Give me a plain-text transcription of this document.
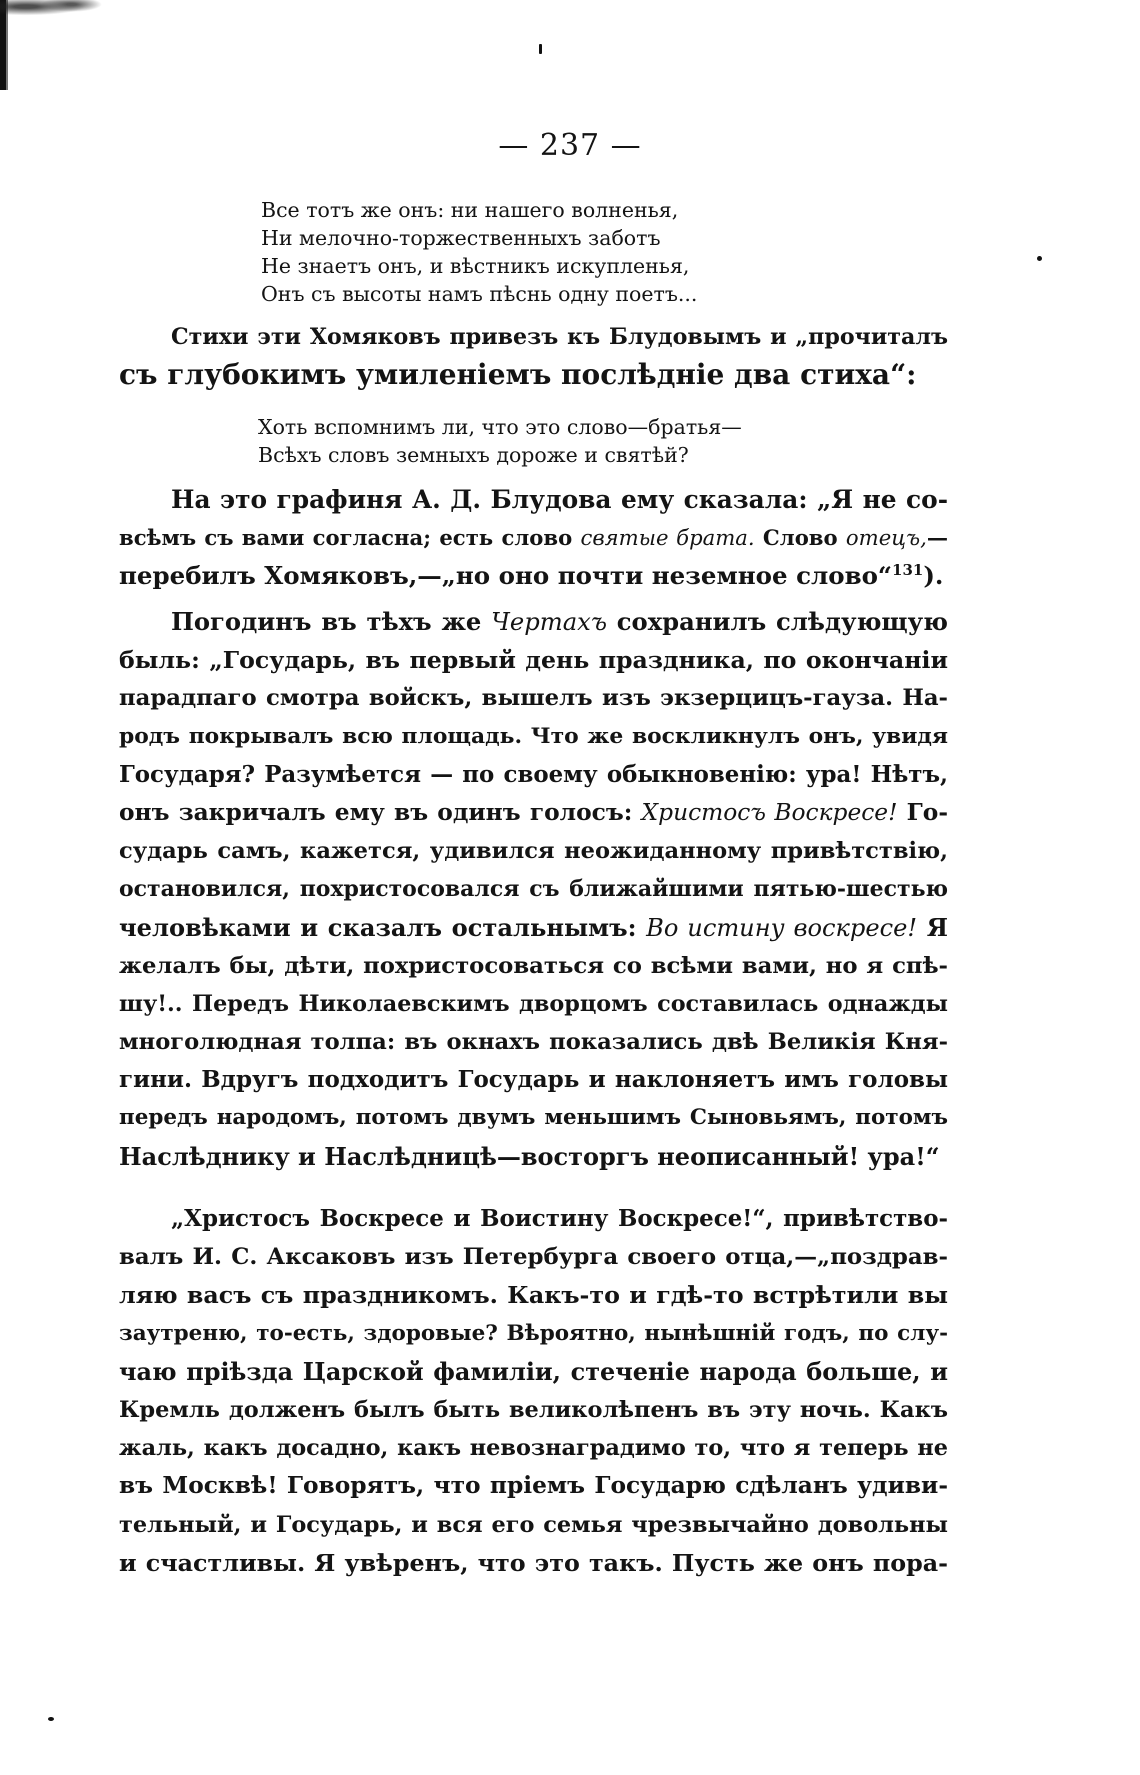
— 237 —
Все тотъ же онъ: ни нашего волненья,
Ни мелочно-торжественныхъ заботъ
Не знаетъ онъ, и вѣстникъ искупленья,
Онъ съ высоты намъ пѣснь одну поетъ...
Стихи эти Хомяковъ привезъ къ Блудовымъ и „прочиталъ
съ глубокимъ умиленіемъ послѣдніе два стиха“:
Хоть вспомнимъ ли, что это слово—братья—
Всѣхъ словъ земныхъ дороже и святѣй?
На это графиня А. Д. Блудова ему сказала: „Я не со-
всѣмъ съ вами согласна; есть слово святые брата. Слово отецъ,—
перебилъ Хомяковъ,—„но оно почти неземное слово“$^{131}$).
Погодинъ въ тѣхъ же Чертахъ сохранилъ слѣдующую
быль: „Государь, въ первый день праздника, по окончаніи
парадпаго смотра войскъ, вышелъ изъ экзерцицъ-гауза. На-
родъ покрывалъ всю площадь. Что же воскликнулъ онъ, увидя
Государя? Разумѣется — по своему обыкновенію: ура! Нѣтъ,
онъ закричалъ ему въ одинъ голосъ: Христосъ Воскресе! Го-
сударь самъ, кажется, удивился неожиданному привѣтствію,
остановился, похристосовался съ ближайшими пятью-шестью
человѣками и сказалъ остальнымъ: Во истину воскресе! Я
желалъ бы, дѣти, похристосоваться со всѣми вами, но я спѣ-
шу!.. Передъ Николаевскимъ дворцомъ составилась однажды
многолюдная толпа: въ окнахъ показались двѣ Великія Кня-
гини. Вдругъ подходитъ Государь и наклоняетъ имъ головы
передъ народомъ, потомъ двумъ меньшимъ Сыновьямъ, потомъ
Наслѣднику и Наслѣдницѣ—восторгъ неописанный! ура!“
„Христосъ Воскресе и Воистину Воскресе!“, привѣтство-
валъ И. С. Аксаковъ изъ Петербурга своего отца,—„поздрав-
ляю васъ съ праздникомъ. Какъ-то и гдѣ-то встрѣтили вы
заутреню, то-есть, здоровые? Вѣроятно, нынѣшній годъ, по слу-
чаю пріѣзда Царской фамиліи, стеченіе народа больше, и
Кремль долженъ былъ быть великолѣпенъ въ эту ночь. Какъ
жаль, какъ досадно, какъ невознаградимо то, что я теперь не
въ Москвѣ! Говорятъ, что пріемъ Государю сдѣланъ удиви-
тельный, и Государь, и вся его семья чрезвычайно довольны
и счастливы. Я увѣренъ, что это такъ. Пусть же онъ пора-
